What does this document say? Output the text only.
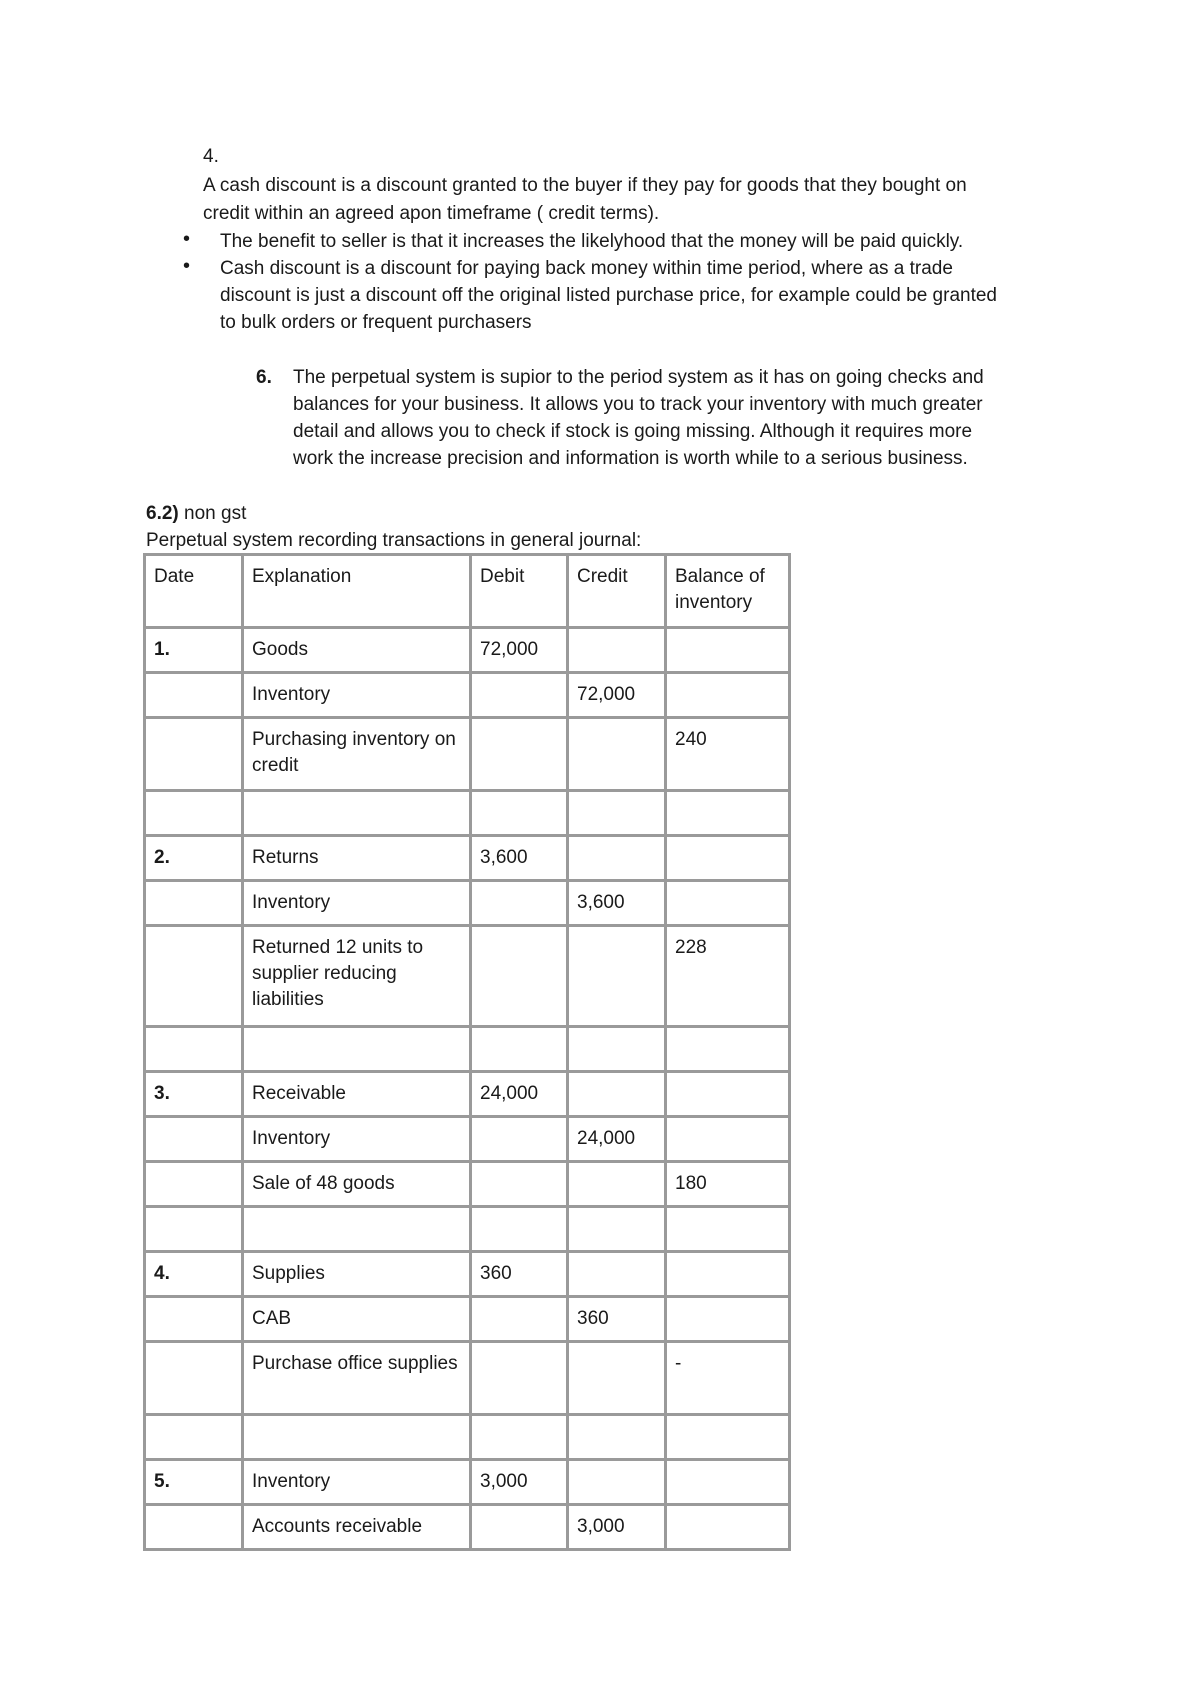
4.
A cash discount is a discount granted to the buyer if they pay for goods that they bought on
credit within an agreed apon timeframe ( credit terms).
• The benefit to seller is that it increases the likelyhood that the money will be paid quickly.
• Cash discount is a discount for paying back money within time period, where as a trade
discount is just a discount off the original listed purchase price, for example could be granted
to bulk orders or frequent purchasers
6. The perpetual system is supior to the period system as it has on going checks and
balances for your business. It allows you to track your inventory with much greater
detail and allows you to check if stock is going missing. Although it requires more
work the increase precision and information is worth while to a serious business.
6.2) non gst
Perpetual system recording transactions in general journal:
Date	Explanation	Debit	Credit	Balance of inventory
1.	Goods	72,000		
	Inventory		72,000	
	Purchasing inventory on credit			240

2.	Returns	3,600		
	Inventory		3,600	
	Returned 12 units to supplier reducing liabilities			228

3.	Receivable	24,000		
	Inventory		24,000	
	Sale of 48 goods			180

4.	Supplies	360		
	CAB		360	
	Purchase office supplies			-

5.	Inventory	3,000		
	Accounts receivable		3,000	
